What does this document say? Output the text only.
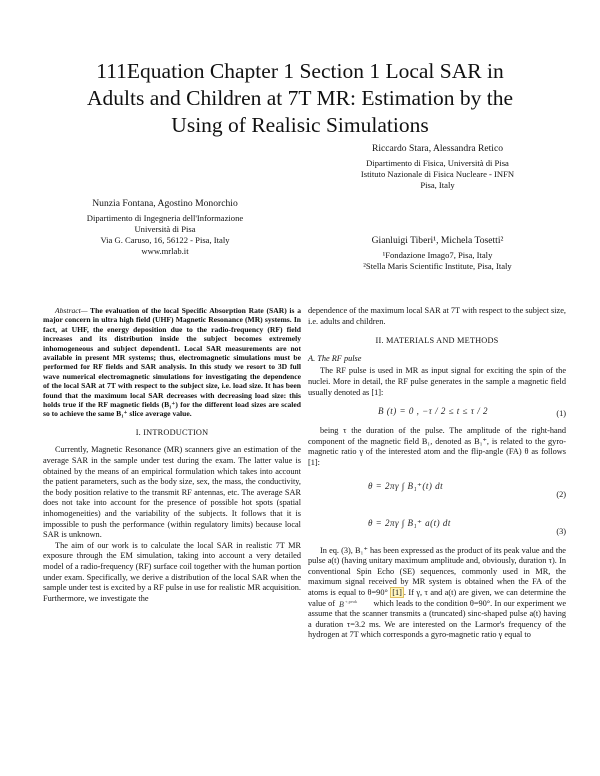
111Equation Chapter 1 Section 1 Local SAR in
Adults and Children at 7T MR: Estimation by the
Using of Realisic Simulations
Nunzia Fontana, Agostino Monorchio
Dipartimento di Ingegneria dell'Informazione
Università di Pisa
Via G. Caruso, 16, 56122 - Pisa, Italy
www.mrlab.it
Riccardo Stara, Alessandra Retico
Dipartimento di Fisica, Università di Pisa
Istituto Nazionale di Fisica Nucleare - INFN
Pisa, Italy
Gianluigi Tiberi¹, Michela Tosetti²
¹Fondazione Imago7, Pisa, Italy
²Stella Maris Scientific Institute, Pisa, Italy

Abstract— The evaluation of the local Specific Absorption Rate (SAR) is a major concern in ultra high field (UHF) Magnetic Resonance (MR) systems. In fact, at UHF, the energy deposition due to the radio-frequency (RF) field increases and its distribution inside the subject becomes extremely inhomogeneous and subject dependent1. Local SAR measurements are not available in present MR systems; thus, electromagnetic simulations must be performed for RF fields and SAR analysis. In this study we resort to 3D full wave numerical electromagnetic simulations for investigating the dependence of the local SAR at 7T with respect to the subject size, i.e. load size. It has been found that the maximum local SAR decreases with decreasing load size: this holds true if the RF magnetic fields (B₁⁺) for the different load sizes are scaled so to achieve the same B₁⁺ slice average value.

I. INTRODUCTION

Currently, Magnetic Resonance (MR) scanners give an estimation of the average SAR in the sample under test during the exam. The latter value is obtained by the means of an empirical formulation which takes into account the patient parameters, such as the body size, sex, the mass, the conductivity, the body position relative to the transmit RF antennas, etc. The average SAR does not take into account for the presence of possible hot spots (spatial inhomogeneities) and the variability of the subjects. It follows that it is impossible to push the performance (within regulatory limits) because local SAR is unknown.

The aim of our work is to calculate the local SAR in realistic 7T MR exposure through the EM simulation, taking into account a very detailed model of a radio-frequency (RF) surface coil together with the human portion under exam. Specifically, we derive a distribution of the local SAR when the sample under test is excited by a RF pulse in use for realistic MR acquisition. Furthermore, we investigate the

dependence of the maximum local SAR at 7T with respect to the subject size, i.e. adults and children.

II. MATERIALS AND METHODS
A. The RF pulse

The RF pulse is used in MR as input signal for exciting the spin of the nuclei. More in detail, the RF pulse generates in the sample a magnetic field usually denoted as [1]:

B (t) = 0 , −τ / 2 ≤ t ≤ τ / 2	(1)

being τ the duration of the pulse. The amplitude of the right-hand component of the magnetic field B₁, denoted as B₁⁺, is related to the gyro-magnetic ratio γ of the interested atom and the flip-angle (FA) θ as follows [1]:

θ = 2πγ ∫ B₁⁺(t) dt
(2)
θ = 2πγ ∫ B₁⁺ a(t) dt
(3)

In eq. (3), B₁⁺ has been expressed as the product of its peak value and the pulse a(t) (having unitary maximum amplitude and, obviously, duration τ). In conventional Spin Echo (SE) sequences, commonly used in MR, the maximum signal received by MR system is obtained when the FA of the atoms is equal to θ=90° [1] . If γ, τ and a(t) are given, we can determine the value of B +,peak which leads to the condition θ=90°. In our experiment we assume that the scanner transmits a (truncated) sinc-shaped pulse a(t) having a duration τ=3.2 ms. We are interested on the Larmor's frequency of the hydrogen at 7T which corresponds a gyro-magnetic ratio γ equal to
